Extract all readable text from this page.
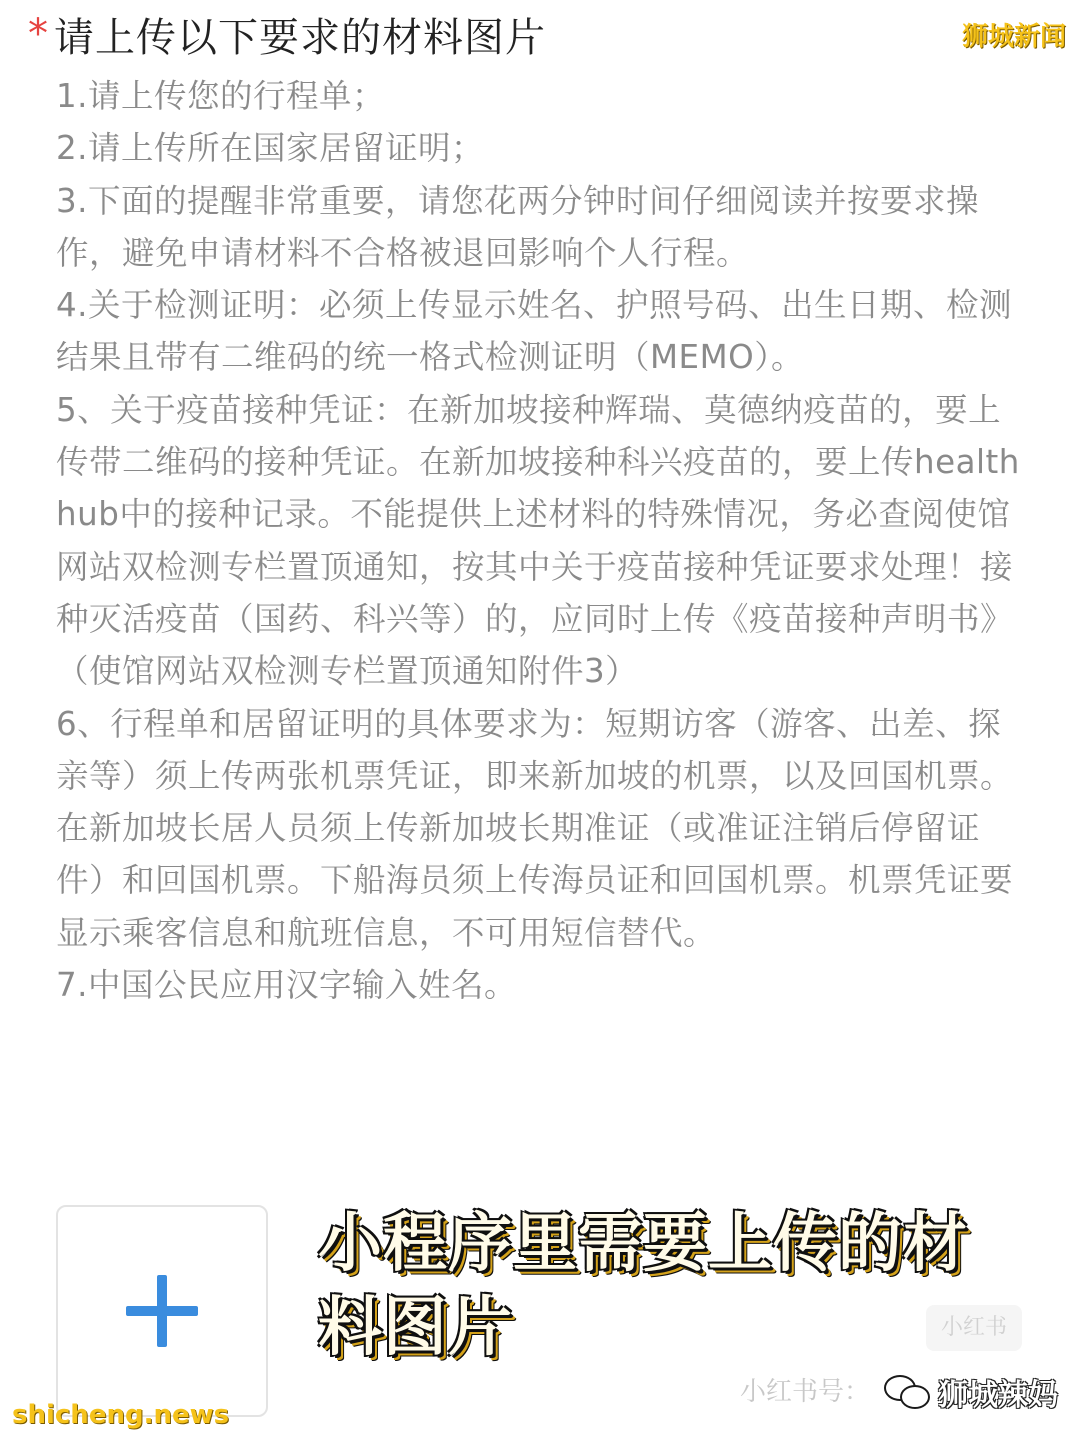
* 请上传以下要求的材料图片	狮城新闻

1.请上传您的行程单；

2.请上传所在国家居留证明；

3.下面的提醒非常重要，请您花两分钟时间仔细阅读并按要求操作，避免申请材料不合格被退回影响个人行程。

4.关于检测证明：必须上传显示姓名、护照号码、出生日期、检测结果且带有二维码的统一格式检测证明（MEMO）。

5、关于疫苗接种凭证：在新加坡接种辉瑞、莫德纳疫苗的，要上传带二维码的接种凭证。在新加坡接种科兴疫苗的，要上传health hub中的接种记录。不能提供上述材料的特殊情况，务必查阅使馆网站双检测专栏置顶通知，按其中关于疫苗接种凭证要求处理！接种灭活疫苗（国药、科兴等）的，应同时上传《疫苗接种声明书》（使馆网站双检测专栏置顶通知附件3）

6、行程单和居留证明的具体要求为：短期访客（游客、出差、探亲等）须上传两张机票凭证，即来新加坡的机票，以及回国机票。在新加坡长居人员须上传新加坡长期准证（或准证注销后停留证件）和回国机票。下船海员须上传海员证和回国机票。机票凭证要显示乘客信息和航班信息，不可用短信替代。

7.中国公民应用汉字输入姓名。

小程序里需要上传的材料图片	小红书
小红书号： 狮城辣妈
shicheng.news
